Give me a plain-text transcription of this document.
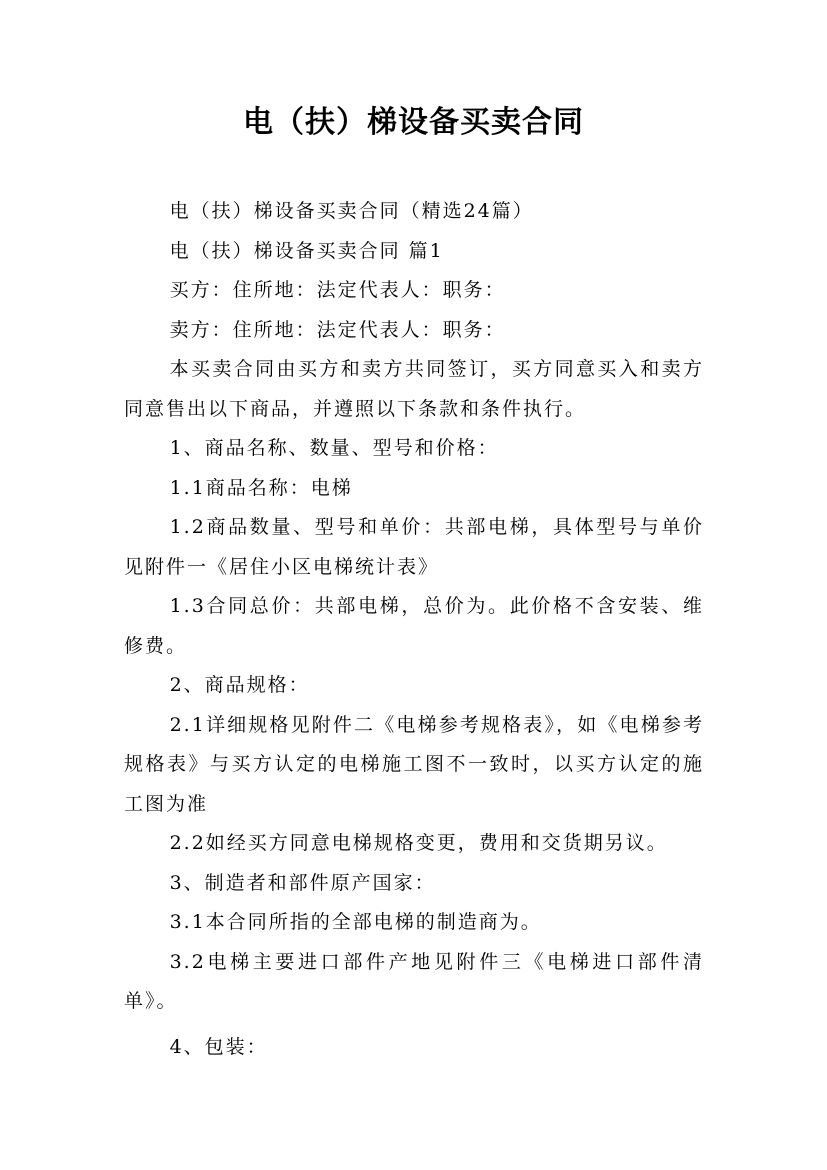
电（扶）梯设备买卖合同

电（扶）梯设备买卖合同（精选24篇）

电（扶）梯设备买卖合同 篇1

买方：住所地：法定代表人：职务：

卖方：住所地：法定代表人：职务：

本买卖合同由买方和卖方共同签订，买方同意买入和卖方同意售出以下商品，并遵照以下条款和条件执行。

1、商品名称、数量、型号和价格：

1.1商品名称：电梯

1.2商品数量、型号和单价：共部电梯，具体型号与单价见附件一《居住小区电梯统计表》

1.3合同总价：共部电梯，总价为。此价格不含安装、维修费。

2、商品规格：

2.1详细规格见附件二《电梯参考规格表》，如《电梯参考规格表》与买方认定的电梯施工图不一致时，以买方认定的施工图为准

2.2如经买方同意电梯规格变更，费用和交货期另议。

3、制造者和部件原产国家：

3.1本合同所指的全部电梯的制造商为。

3.2电梯主要进口部件产地见附件三《电梯进口部件清单》。

4、包装：
